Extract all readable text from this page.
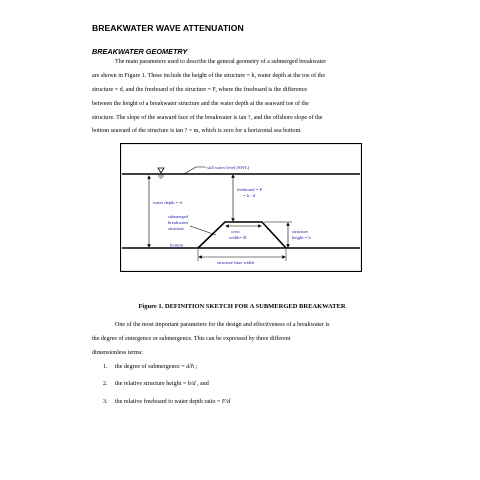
BREAKWATER WAVE ATTENUATION
BREAKWATER GEOMETRY
The main parameters used to describe the general geometry of a submerged breakwater
are shown in Figure 1. These include the height of the structure = h, water depth at the toe of the
structure = d, and the freeboard of the structure = F, where the freeboard is the difference
between the height of a breakwater structure and the water depth at the seaward toe of the
structure. The slope of the seaward face of the breakwater is tan ?, and the offshore slope of the
bottom seaward of the structure is tan ? = m, which is zero for a horizontal sea bottom.
still water level (SWL)
bottom
water depth = d
submerged
breakwater
structure
freeboard = F
= h - d
crest
width= B
structure
height = h
structure base width
Figure 1. DEFINITION SKETCH FOR A SUBMERGED BREAKWATER
One of the most important parameters for the design and effectiveness of a breakwater is
the degree of emergence or submergence. This can be expressed by three different
dimensionless terms:
1. the degree of submergence = d/h ;
2. the relative structure height = h/d , and
3. the relative freeboard to water depth ratio = F/d
